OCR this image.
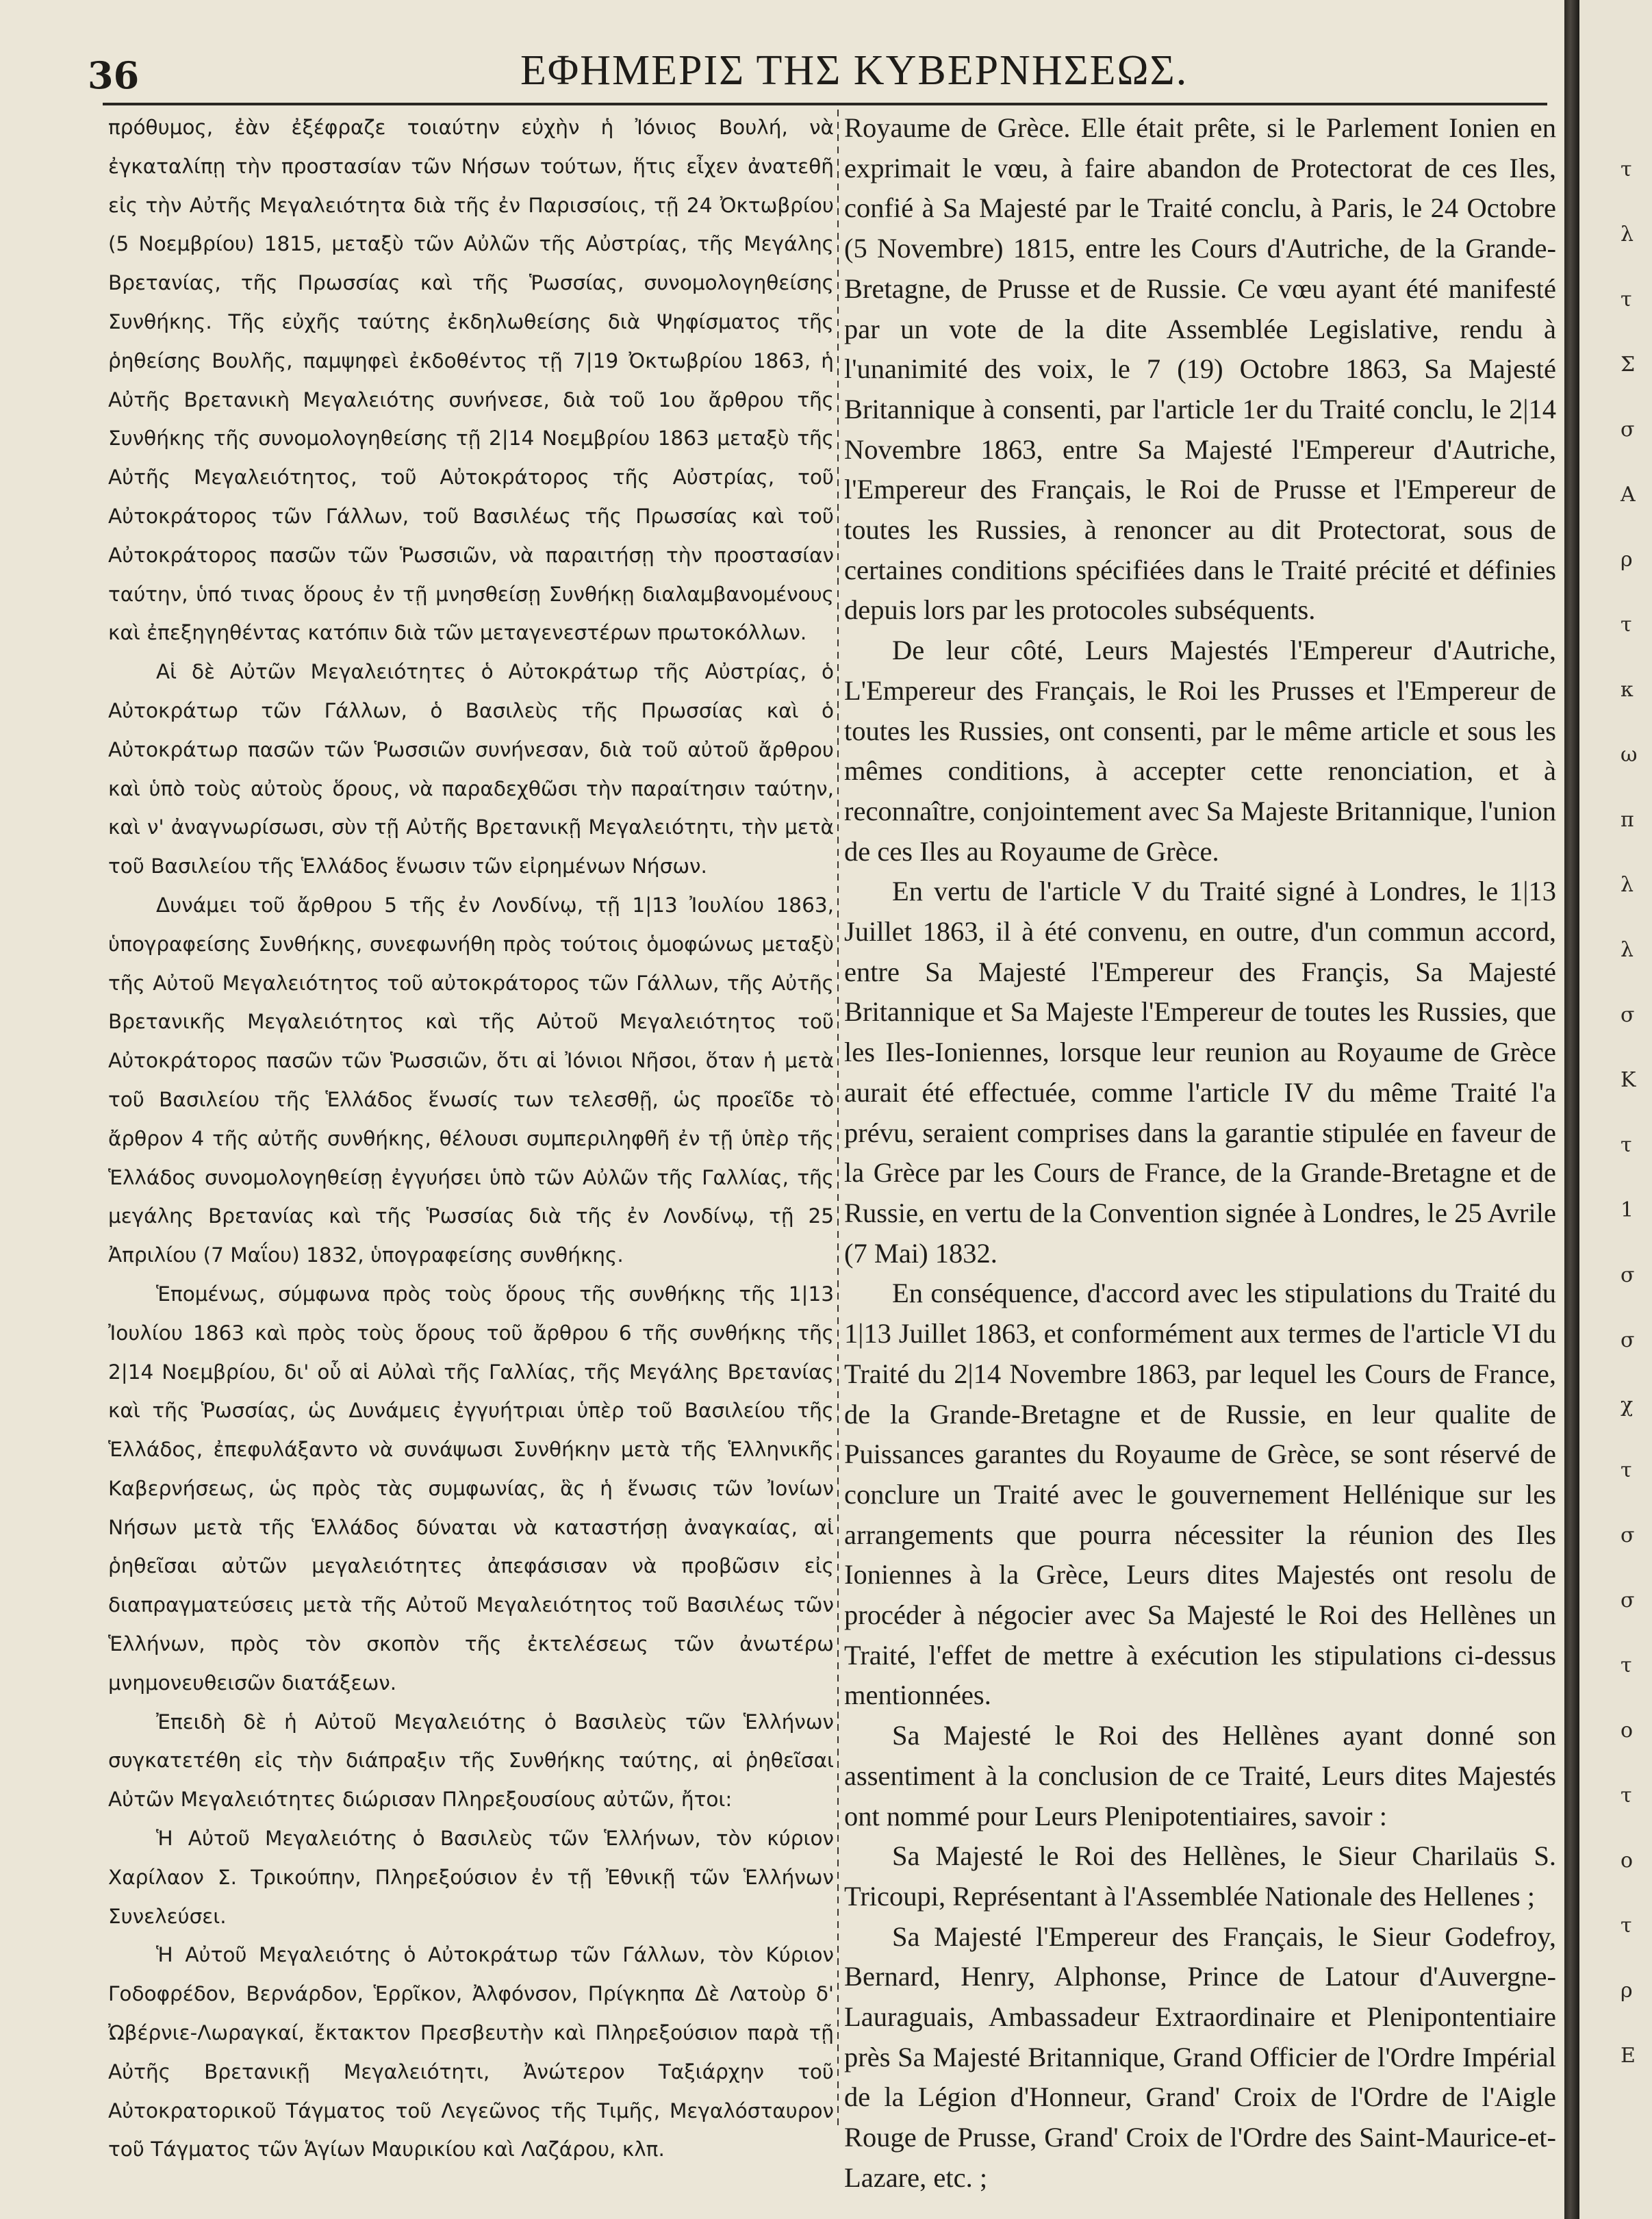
36	ΕΦΗΜΕΡΙΣ ΤΗΣ ΚΥΒΕΡΝΗΣΕΩΣ.

πρόθυμος, ἐὰν ἐξέφραζε τοιαύτην εὐχὴν ἡ Ἰόνιος Βουλή, νὰ ἐγκαταλίπῃ τὴν προστασίαν τῶν Νήσων τούτων, ἥτις εἶχεν ἀνατεθῆ εἰς τὴν Αὐτῆς Μεγαλειότητα διὰ τῆς ἐν Παρισσίοις, τῇ 24 Ὀκτωβρίου (5 Νοεμβρίου) 1815, μεταξὺ τῶν Αὐλῶν τῆς Αὐστρίας, τῆς Μεγάλης Βρετανίας, τῆς Πρωσσίας καὶ τῆς Ῥωσσίας, συνομολογηθείσης Συνθήκης. Τῆς εὐχῆς ταύτης ἐκδηλωθείσης διὰ Ψηφίσματος τῆς ῥηθείσης Βουλῆς, παμψηφεὶ ἐκδοθέντος τῇ 7|19 Ὀκτωβρίου 1863, ἡ Αὐτῆς Βρετανικὴ Μεγαλειότης συνήνεσε, διὰ τοῦ 1ου ἄρθρου τῆς Συνθήκης τῆς συνομολογηθείσης τῇ 2|14 Νοεμβρίου 1863 μεταξὺ τῆς Αὐτῆς Μεγαλειότητος, τοῦ Αὐτοκράτορος τῆς Αὐστρίας, τοῦ Αὐτοκράτορος τῶν Γάλλων, τοῦ Βασιλέως τῆς Πρωσσίας καὶ τοῦ Αὐτοκράτορος πασῶν τῶν Ῥωσσιῶν, νὰ παραιτήσῃ τὴν προστασίαν ταύτην, ὑπό τινας ὅρους ἐν τῇ μνησθείσῃ Συνθήκῃ διαλαμβανομένους καὶ ἐπεξηγηθέντας κατόπιν διὰ τῶν μεταγενεστέρων πρωτοκόλλων.

Αἱ δὲ Αὐτῶν Μεγαλειότητες ὁ Αὐτοκράτωρ τῆς Αὐστρίας, ὁ Αὐτοκράτωρ τῶν Γάλλων, ὁ Βασιλεὺς τῆς Πρωσσίας καὶ ὁ Αὐτοκράτωρ πασῶν τῶν Ῥωσσιῶν συνήνεσαν, διὰ τοῦ αὐτοῦ ἄρθρου καὶ ὑπὸ τοὺς αὐτοὺς ὅρους, νὰ παραδεχθῶσι τὴν παραίτησιν ταύτην, καὶ ν' ἀναγνωρίσωσι, σὺν τῇ Αὐτῆς Βρετανικῇ Μεγαλειότητι, τὴν μετὰ τοῦ Βασιλείου τῆς Ἑλλάδος ἕνωσιν τῶν εἰρημένων Νήσων.

Δυνάμει τοῦ ἄρθρου 5 τῆς ἐν Λονδίνῳ, τῇ 1|13 Ἰουλίου 1863, ὑπογραφείσης Συνθήκης, συνεφωνήθη πρὸς τούτοις ὁμοφώνως μεταξὺ τῆς Αὐτοῦ Μεγαλειότητος τοῦ αὐτοκράτορος τῶν Γάλλων, τῆς Αὐτῆς Βρετανικῆς Μεγαλειότητος καὶ τῆς Αὐτοῦ Μεγαλειότητος τοῦ Αὐτοκράτορος πασῶν τῶν Ῥωσσιῶν, ὅτι αἱ Ἰόνιοι Νῆσοι, ὅταν ἡ μετὰ τοῦ Βασιλείου τῆς Ἑλλάδος ἕνωσίς των τελεσθῇ, ὡς προεῖδε τὸ ἄρθρον 4 τῆς αὐτῆς συνθήκης, θέλουσι συμπεριληφθῆ ἐν τῇ ὑπὲρ τῆς Ἑλλάδος συνομολογηθείσῃ ἐγγυήσει ὑπὸ τῶν Αὐλῶν τῆς Γαλλίας, τῆς μεγάλης Βρετανίας καὶ τῆς Ῥωσσίας διὰ τῆς ἐν Λονδίνῳ, τῇ 25 Ἀπριλίου (7 Μαΐου) 1832, ὑπογραφείσης συνθήκης.

Ἑπομένως, σύμφωνα πρὸς τοὺς ὅρους τῆς συνθήκης τῆς 1|13 Ἰουλίου 1863 καὶ πρὸς τοὺς ὅρους τοῦ ἄρθρου 6 τῆς συνθήκης τῆς 2|14 Νοεμβρίου, δι' οὗ αἱ Αὐλαὶ τῆς Γαλλίας, τῆς Μεγάλης Βρετανίας καὶ τῆς Ῥωσσίας, ὡς Δυνάμεις ἐγγυήτριαι ὑπὲρ τοῦ Βασιλείου τῆς Ἑλλάδος, ἐπεφυλάξαντο νὰ συνάψωσι Συνθήκην μετὰ τῆς Ἑλληνικῆς Καβερνήσεως, ὡς πρὸς τὰς συμφωνίας, ἃς ἡ ἕνωσις τῶν Ἰονίων Νήσων μετὰ τῆς Ἑλλάδος δύναται νὰ καταστήσῃ ἀναγκαίας, αἱ ῥηθεῖσαι αὐτῶν μεγαλειότητες ἀπεφάσισαν νὰ προβῶσιν εἰς διαπραγματεύσεις μετὰ τῆς Αὐτοῦ Μεγαλειότητος τοῦ Βασιλέως τῶν Ἑλλήνων, πρὸς τὸν σκοπὸν τῆς ἐκτελέσεως τῶν ἀνωτέρω μνημονευθεισῶν διατάξεων.

Ἐπειδὴ δὲ ἡ Αὐτοῦ Μεγαλειότης ὁ Βασιλεὺς τῶν Ἑλλήνων συγκατετέθη εἰς τὴν διάπραξιν τῆς Συνθήκης ταύτης, αἱ ῥηθεῖσαι Αὐτῶν Μεγαλειότητες διώρισαν Πληρεξουσίους αὐτῶν, ἤτοι:

Ἡ Αὐτοῦ Μεγαλειότης ὁ Βασιλεὺς τῶν Ἑλλήνων, τὸν κύριον Χαρίλαον Σ. Τρικούπην, Πληρεξούσιον ἐν τῇ Ἐθνικῇ τῶν Ἑλλήνων Συνελεύσει.

Ἡ Αὐτοῦ Μεγαλειότης ὁ Αὐτοκράτωρ τῶν Γάλλων, τὸν Κύριον Γοδοφρέδον, Βερνάρδον, Ἑρρῖκον, Ἀλφόνσον, Πρίγκηπα Δὲ Λατοὺρ δ' Ὠβέρνιε-Λωραγκαί, ἔκτακτον Πρεσβευτὴν καὶ Πληρεξούσιον παρὰ τῇ Αὐτῆς Βρετανικῇ Μεγαλειότητι, Ἀνώτερον Ταξιάρχην τοῦ Αὐτοκρατορικοῦ Τάγματος τοῦ Λεγεῶνος τῆς Τιμῆς, Μεγαλόσταυρον τοῦ Τάγματος τῶν Ἁγίων Μαυρικίου καὶ Λαζάρου, κλπ.

Royaume de Grèce. Elle était prête, si le Parlement Ionien en exprimait le vœu, à faire abandon de Protectorat de ces Iles, confié à Sa Majesté par le Traité conclu, à Paris, le 24 Octobre (5 Novembre) 1815, entre les Cours d'Autriche, de la Grande-Bretagne, de Prusse et de Russie. Ce vœu ayant été manifesté par un vote de la dite Assemblée Legislative, rendu à l'unanimité des voix, le 7 (19) Octobre 1863, Sa Majesté Britannique à consenti, par l'article 1er du Traité conclu, le 2|14 Novembre 1863, entre Sa Majesté l'Empereur d'Autriche, l'Empereur des Français, le Roi de Prusse et l'Empereur de toutes les Russies, à renoncer au dit Protectorat, sous de certaines conditions spécifiées dans le Traité précité et définies depuis lors par les protocoles subséquents.

De leur côté, Leurs Majestés l'Empereur d'Autriche, L'Empereur des Français, le Roi les Prusses et l'Empereur de toutes les Russies, ont consenti, par le même article et sous les mêmes conditions, à accepter cette renonciation, et à reconnaître, conjointement avec Sa Majeste Britannique, l'union de ces Iles au Royaume de Grèce.

En vertu de l'article V du Traité signé à Londres, le 1|13 Juillet 1863, il à été convenu, en outre, d'un commun accord, entre Sa Majesté l'Empereur des Françis, Sa Majesté Britannique et Sa Majeste l'Empereur de toutes les Russies, que les Iles-Ioniennes, lorsque leur reunion au Royaume de Grèce aurait été effectuée, comme l'article IV du même Traité l'a prévu, seraient comprises dans la garantie stipulée en faveur de la Grèce par les Cours de France, de la Grande-Bretagne et de Russie, en vertu de la Convention signée à Londres, le 25 Avrile (7 Mai) 1832.

En conséquence, d'accord avec les stipulations du Traité du 1|13 Juillet 1863, et conformément aux termes de l'article VI du Traité du 2|14 Novembre 1863, par lequel les Cours de France, de la Grande-Bretagne et de Russie, en leur qualite de Puissances garantes du Royaume de Grèce, se sont réservé de conclure un Traité avec le gouvernement Hellénique sur les arrangements que pourra nécessiter la réunion des Iles Ioniennes à la Grèce, Leurs dites Majestés ont resolu de procéder à négocier avec Sa Majesté le Roi des Hellènes un Traité, l'effet de mettre à exécution les stipulations ci-dessus mentionnées.

Sa Majesté le Roi des Hellènes ayant donné son assentiment à la conclusion de ce Traité, Leurs dites Majestés ont nommé pour Leurs Plenipotentiaires, savoir :

Sa Majesté le Roi des Hellènes, le Sieur Charilaüs S. Tricoupi, Représentant à l'Assemblée Nationale des Hellenes ;

Sa Majesté l'Empereur des Français, le Sieur Godefroy, Bernard, Henry, Alphonse, Prince de Latour d'Auvergne-Lauraguais, Ambassadeur Extraordinaire et Plenipontentiaire près Sa Majesté Britannique, Grand Officier de l'Ordre Impérial de la Légion d'Honneur, Grand' Croix de l'Ordre de l'Aigle Rouge de Prusse, Grand' Croix de l'Ordre des Saint-Maurice-et-Lazare, etc. ;

τ
λ
τ
Σ
σ
Α
ρ
τ
κ
ω
π
λ
λ
σ
Κ
τ
1
σ
σ
χ
τ
σ
σ
τ
ο
τ
ο
τ
ρ
Ε
